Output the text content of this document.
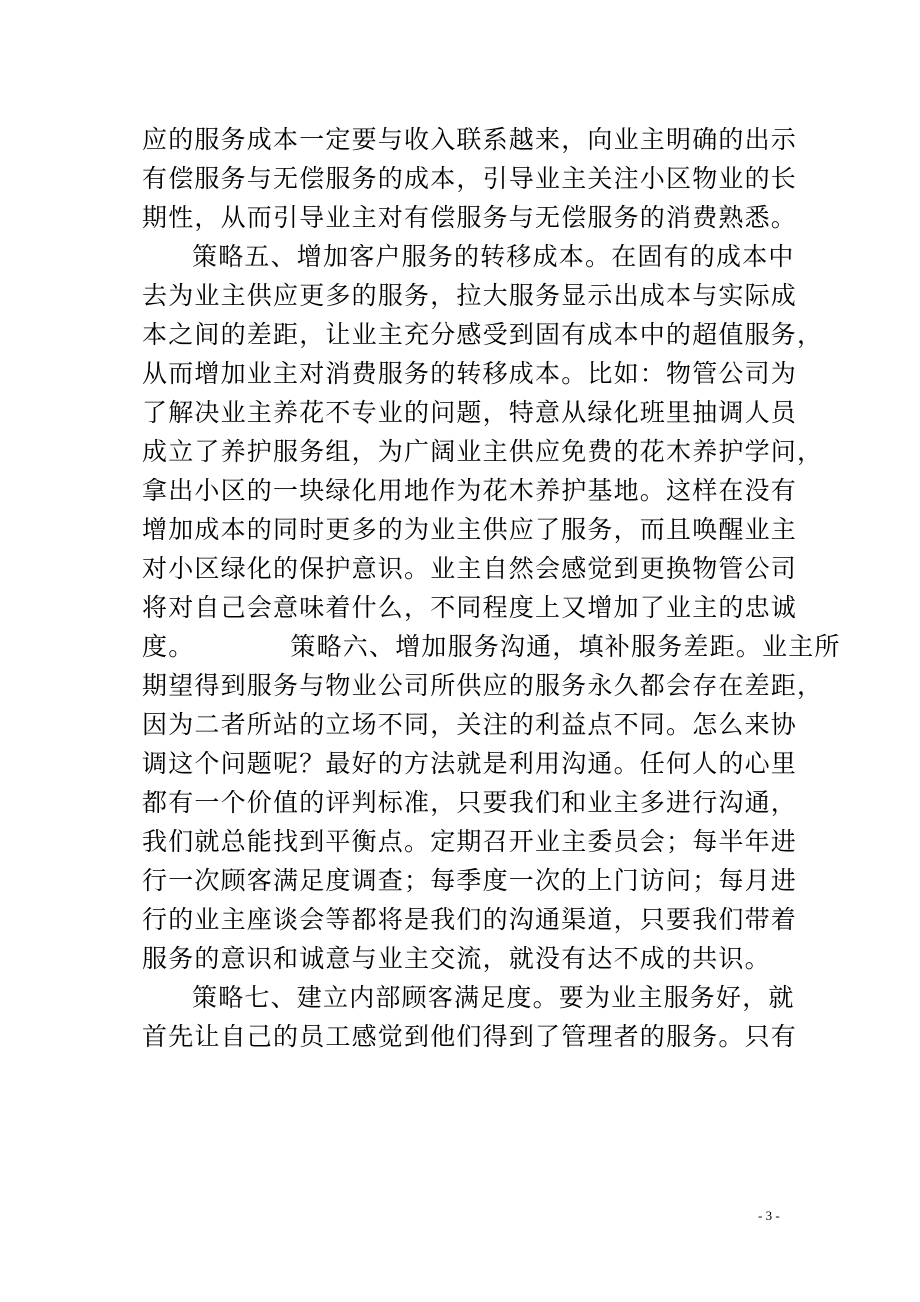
应的服务成本一定要与收入联系越来，向业主明确的出示
有偿服务与无偿服务的成本，引导业主关注小区物业的长
期性，从而引导业主对有偿服务与无偿服务的消费熟悉。
策略五、增加客户服务的转移成本。在固有的成本中
去为业主供应更多的服务，拉大服务显示出成本与实际成
本之间的差距，让业主充分感受到固有成本中的超值服务，
从而增加业主对消费服务的转移成本。比如：物管公司为
了解决业主养花不专业的问题，特意从绿化班里抽调人员
成立了养护服务组，为广阔业主供应免费的花木养护学问，
拿出小区的一块绿化用地作为花木养护基地。这样在没有
增加成本的同时更多的为业主供应了服务，而且唤醒业主
对小区绿化的保护意识。业主自然会感觉到更换物管公司
将对自己会意味着什么，不同程度上又增加了业主的忠诚
度。	策略六、增加服务沟通，填补服务差距。业主所
期望得到服务与物业公司所供应的服务永久都会存在差距，
因为二者所站的立场不同，关注的利益点不同。怎么来协
调这个问题呢？最好的方法就是利用沟通。任何人的心里
都有一个价值的评判标准，只要我们和业主多进行沟通，
我们就总能找到平衡点。定期召开业主委员会；每半年进
行一次顾客满足度调查；每季度一次的上门访问；每月进
行的业主座谈会等都将是我们的沟通渠道，只要我们带着
服务的意识和诚意与业主交流，就没有达不成的共识。
策略七、建立内部顾客满足度。要为业主服务好，就
首先让自己的员工感觉到他们得到了管理者的服务。只有
- 3 -
